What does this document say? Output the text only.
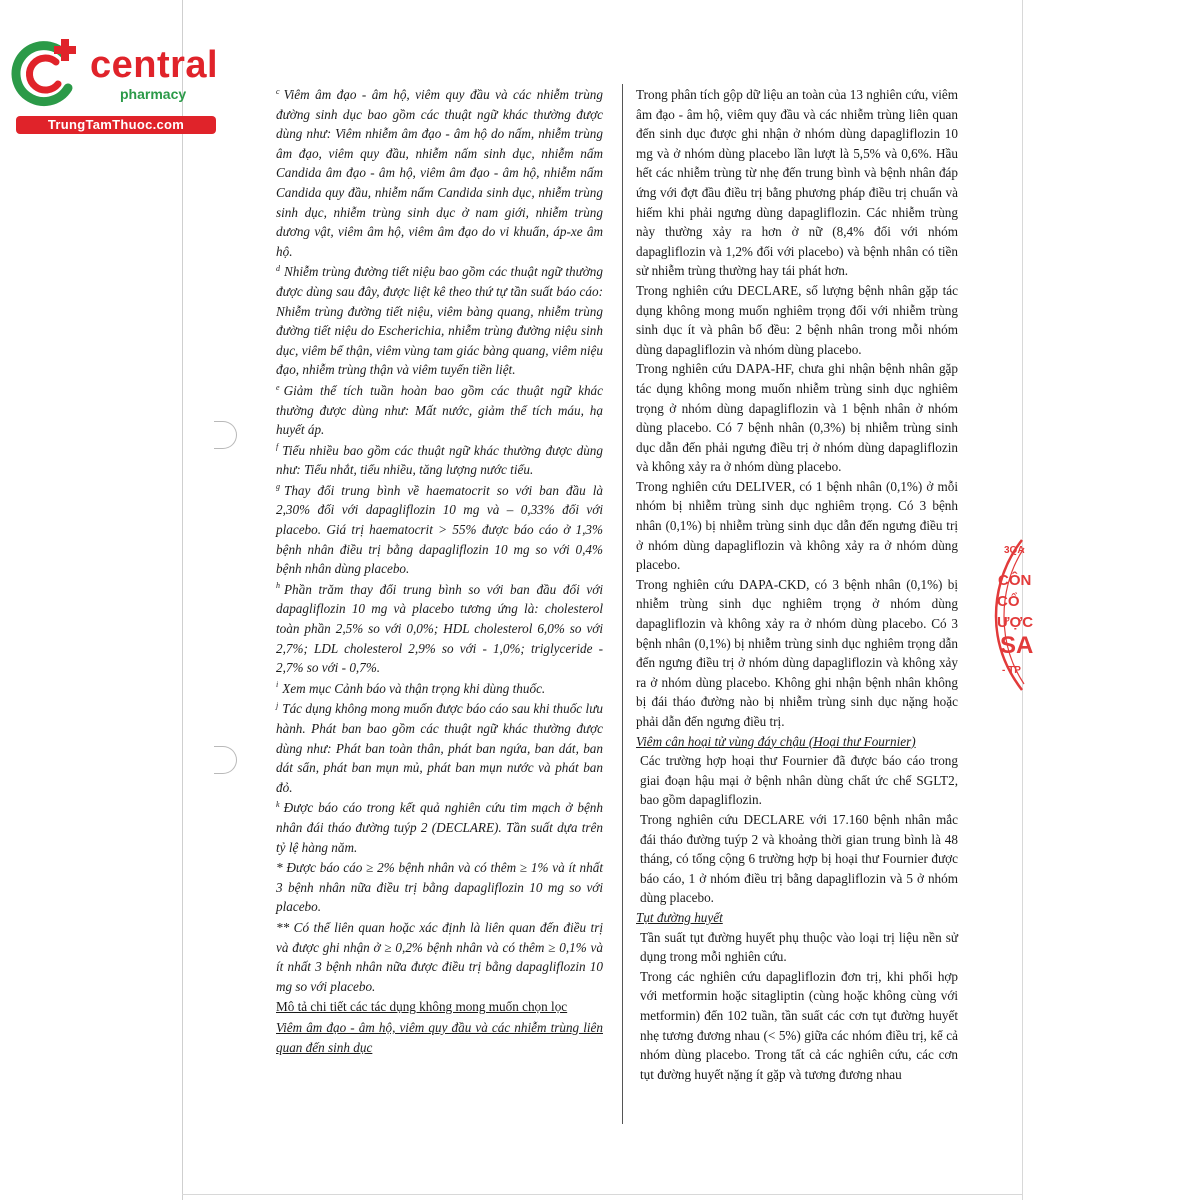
central
pharmacy
TrungTamThuoc.com
3QA
CÔN
CỔ
ƯỢC
SA
- TP

$^c$ Viêm âm đạo - âm hộ, viêm quy đầu và các nhiễm trùng đường sinh dục bao gồm các thuật ngữ khác thường được dùng như: Viêm nhiễm âm đạo - âm hộ do nấm, nhiễm trùng âm đạo, viêm quy đầu, nhiễm nấm sinh dục, nhiễm nấm Candida âm đạo - âm hộ, viêm âm đạo - âm hộ, nhiễm nấm Candida quy đầu, nhiễm nấm Candida sinh dục, nhiễm trùng sinh dục, nhiễm trùng sinh dục ở nam giới, nhiễm trùng dương vật, viêm âm hộ, viêm âm đạo do vi khuẩn, áp-xe âm hộ.

$^d$ Nhiễm trùng đường tiết niệu bao gồm các thuật ngữ thường được dùng sau đây, được liệt kê theo thứ tự tần suất báo cáo: Nhiễm trùng đường tiết niệu, viêm bàng quang, nhiễm trùng đường tiết niệu do Escherichia, nhiễm trùng đường niệu sinh dục, viêm bể thận, viêm vùng tam giác bàng quang, viêm niệu đạo, nhiễm trùng thận và viêm tuyến tiền liệt.

$^e$ Giảm thể tích tuần hoàn bao gồm các thuật ngữ khác thường được dùng như: Mất nước, giảm thể tích máu, hạ huyết áp.

$^f$ Tiểu nhiều bao gồm các thuật ngữ khác thường được dùng như: Tiểu nhắt, tiểu nhiều, tăng lượng nước tiểu.

$^g$ Thay đổi trung bình về haematocrit so với ban đầu là 2,30% đối với dapagliflozin 10 mg và – 0,33% đối với placebo. Giá trị haematocrit > 55% được báo cáo ở 1,3% bệnh nhân điều trị bằng dapagliflozin 10 mg so với 0,4% bệnh nhân dùng placebo.

$^h$ Phần trăm thay đổi trung bình so với ban đầu đối với dapagliflozin 10 mg và placebo tương ứng là: cholesterol toàn phần 2,5% so với 0,0%; HDL cholesterol 6,0% so với 2,7%; LDL cholesterol 2,9% so với - 1,0%; triglyceride - 2,7% so với - 0,7%.

$^i$ Xem mục Cảnh báo và thận trọng khi dùng thuốc.

$^j$ Tác dụng không mong muốn được báo cáo sau khi thuốc lưu hành. Phát ban bao gồm các thuật ngữ khác thường được dùng như: Phát ban toàn thân, phát ban ngứa, ban dát, ban dát sẩn, phát ban mụn mủ, phát ban mụn nước và phát ban đỏ.

$^k$ Được báo cáo trong kết quả nghiên cứu tim mạch ở bệnh nhân đái tháo đường tuýp 2 (DECLARE). Tần suất dựa trên tỷ lệ hàng năm.

* Được báo cáo ≥ 2% bệnh nhân và có thêm ≥ 1% và ít nhất 3 bệnh nhân nữa điều trị bằng dapagliflozin 10 mg so với placebo.

** Có thể liên quan hoặc xác định là liên quan đến điều trị và được ghi nhận ở ≥ 0,2% bệnh nhân và có thêm ≥ 0,1% và ít nhất 3 bệnh nhân nữa được điều trị bằng dapagliflozin 10 mg so với placebo.

Mô tả chi tiết các tác dụng không mong muốn chọn lọc

Viêm âm đạo - âm hộ, viêm quy đầu và các nhiễm trùng liên quan đến sinh dục

Trong phân tích gộp dữ liệu an toàn của 13 nghiên cứu, viêm âm đạo - âm hộ, viêm quy đầu và các nhiễm trùng liên quan đến sinh dục được ghi nhận ở nhóm dùng dapagliflozin 10 mg và ở nhóm dùng placebo lần lượt là 5,5% và 0,6%. Hầu hết các nhiễm trùng từ nhẹ đến trung bình và bệnh nhân đáp ứng với đợt đầu điều trị bằng phương pháp điều trị chuẩn và hiếm khi phải ngưng dùng dapagliflozin. Các nhiễm trùng này thường xảy ra hơn ở nữ (8,4% đối với nhóm dapagliflozin và 1,2% đối với placebo) và bệnh nhân có tiền sử nhiễm trùng thường hay tái phát hơn.

Trong nghiên cứu DECLARE, số lượng bệnh nhân gặp tác dụng không mong muốn nghiêm trọng đối với nhiễm trùng sinh dục ít và phân bố đều: 2 bệnh nhân trong mỗi nhóm dùng dapagliflozin và nhóm dùng placebo.

Trong nghiên cứu DAPA-HF, chưa ghi nhận bệnh nhân gặp tác dụng không mong muốn nhiễm trùng sinh dục nghiêm trọng ở nhóm dùng dapagliflozin và 1 bệnh nhân ở nhóm dùng placebo. Có 7 bệnh nhân (0,3%) bị nhiễm trùng sinh dục dẫn đến phải ngưng điều trị ở nhóm dùng dapagliflozin và không xảy ra ở nhóm dùng placebo.

Trong nghiên cứu DELIVER, có 1 bệnh nhân (0,1%) ở mỗi nhóm bị nhiễm trùng sinh dục nghiêm trọng. Có 3 bệnh nhân (0,1%) bị nhiễm trùng sinh dục dẫn đến ngưng điều trị ở nhóm dùng dapagliflozin và không xảy ra ở nhóm dùng placebo.

Trong nghiên cứu DAPA-CKD, có 3 bệnh nhân (0,1%) bị nhiễm trùng sinh dục nghiêm trọng ở nhóm dùng dapagliflozin và không xảy ra ở nhóm dùng placebo. Có 3 bệnh nhân (0,1%) bị nhiễm trùng sinh dục nghiêm trọng dẫn đến ngưng điều trị ở nhóm dùng dapagliflozin và không xảy ra ở nhóm dùng placebo. Không ghi nhận bệnh nhân không bị đái tháo đường nào bị nhiễm trùng sinh dục nặng hoặc phải dẫn đến ngưng điều trị.

Viêm cân hoại tử vùng đáy chậu (Hoại thư Fournier)

Các trường hợp hoại thư Fournier đã được báo cáo trong giai đoạn hậu mại ở bệnh nhân dùng chất ức chế SGLT2, bao gồm dapagliflozin.

Trong nghiên cứu DECLARE với 17.160 bệnh nhân mắc đái tháo đường tuýp 2 và khoảng thời gian trung bình là 48 tháng, có tổng cộng 6 trường hợp bị hoại thư Fournier được báo cáo, 1 ở nhóm điều trị bằng dapagliflozin và 5 ở nhóm dùng placebo.

Tụt đường huyết

Tần suất tụt đường huyết phụ thuộc vào loại trị liệu nền sử dụng trong mỗi nghiên cứu.

Trong các nghiên cứu dapagliflozin đơn trị, khi phối hợp với metformin hoặc sitagliptin (cùng hoặc không cùng với metformin) đến 102 tuần, tần suất các cơn tụt đường huyết nhẹ tương đương nhau (< 5%) giữa các nhóm điều trị, kể cả nhóm dùng placebo. Trong tất cả các nghiên cứu, các cơn tụt đường huyết nặng ít gặp và tương đương nhau
